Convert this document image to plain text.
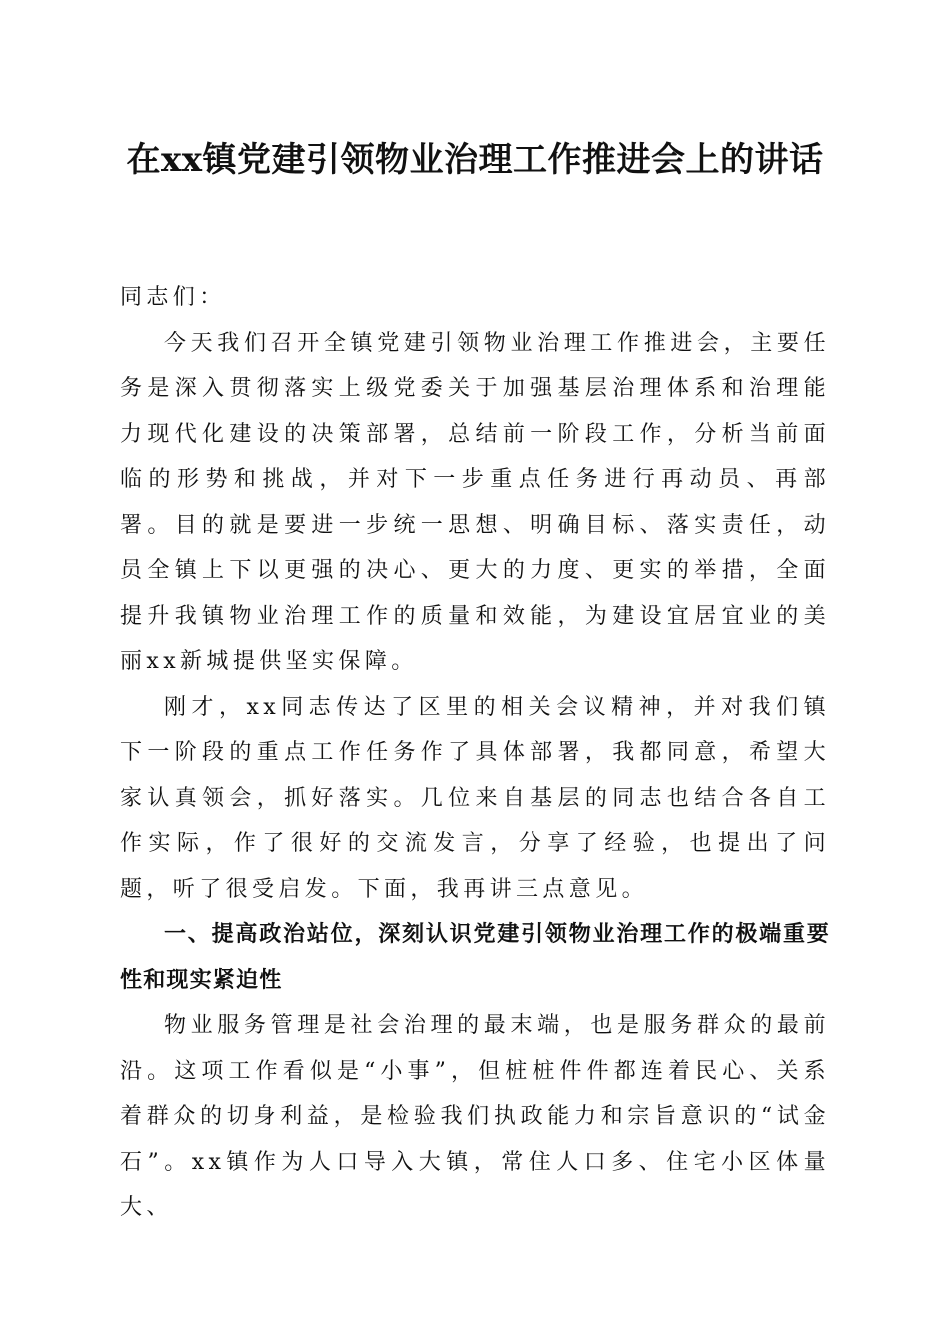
在xx镇党建引领物业治理工作推进会上的讲话

同志们：

今天我们召开全镇党建引领物业治理工作推进会，主要任务是深入贯彻落实上级党委关于加强基层治理体系和治理能力现代化建设的决策部署，总结前一阶段工作，分析当前面临的形势和挑战，并对下一步重点任务进行再动员、再部署。目的就是要进一步统一思想、明确目标、落实责任，动员全镇上下以更强的决心、更大的力度、更实的举措，全面提升我镇物业治理工作的质量和效能，为建设宜居宜业的美丽xx新城提供坚实保障。

刚才，xx同志传达了区里的相关会议精神，并对我们镇下一阶段的重点工作任务作了具体部署，我都同意，希望大家认真领会，抓好落实。几位来自基层的同志也结合各自工作实际，作了很好的交流发言，分享了经验，也提出了问题，听了很受启发。下面，我再讲三点意见。

一、提高政治站位，深刻认识党建引领物业治理工作的极端重要性和现实紧迫性

物业服务管理是社会治理的最末端，也是服务群众的最前沿。这项工作看似是“小事”，但桩桩件件都连着民心、关系着群众的切身利益，是检验我们执政能力和宗旨意识的“试金石”。xx镇作为人口导入大镇，常住人口多、住宅小区体量大、
